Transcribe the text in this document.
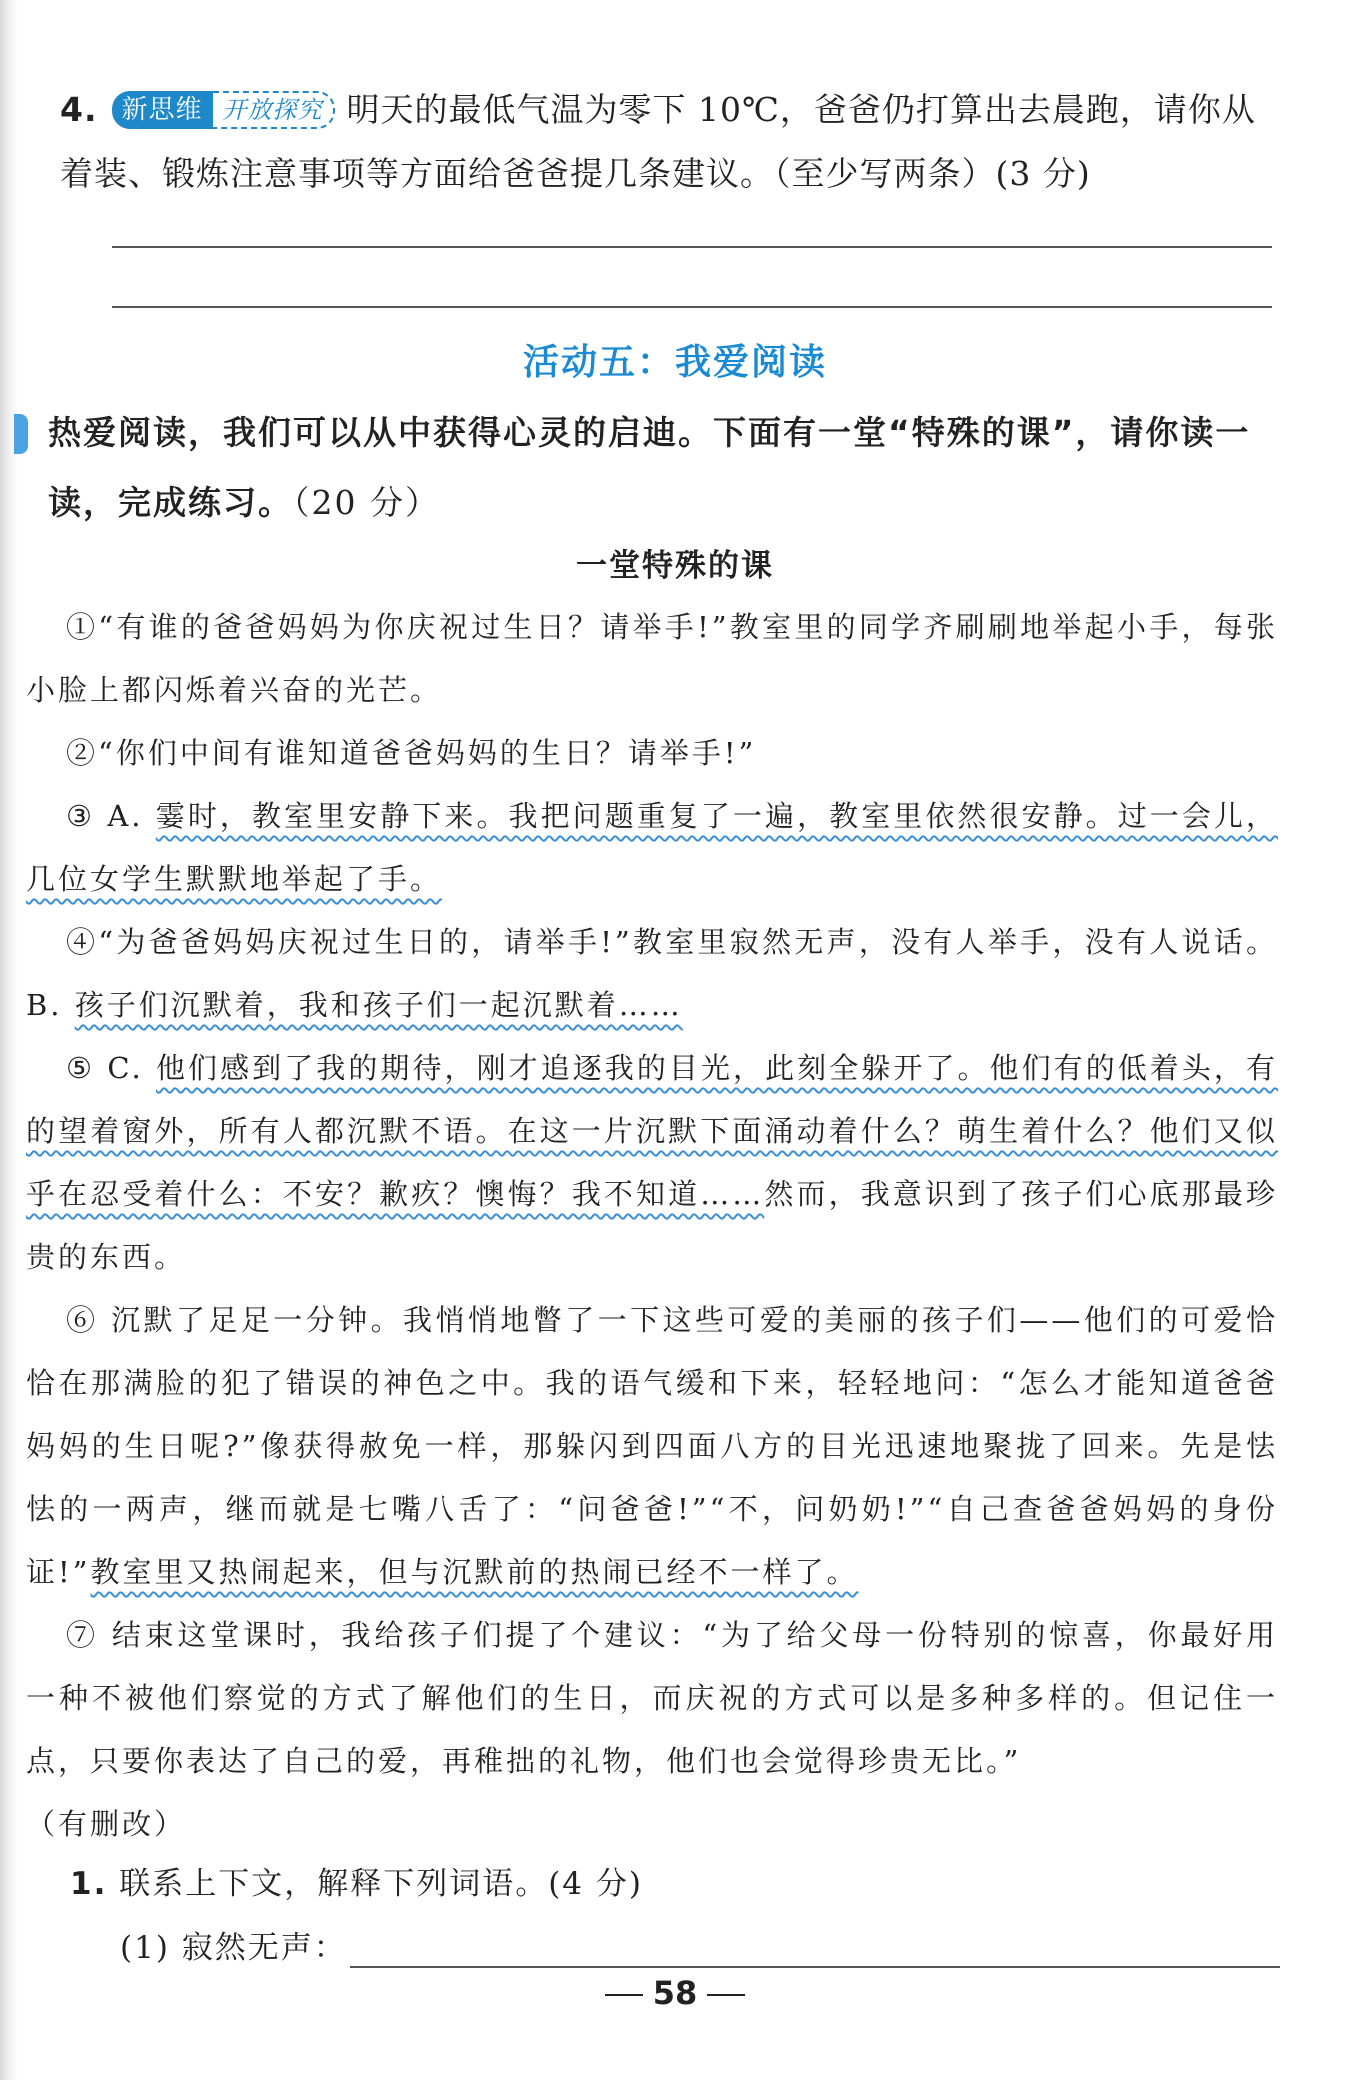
4. 新思维 开放探究 明天的最低气温为零下 10℃，爸爸仍打算出去晨跑，请你从着装、锻炼注意事项等方面给爸爸提几条建议。（至少写两条）(3 分)
活动五：我爱阅读
热爱阅读，我们可以从中获得心灵的启迪。下面有一堂“特殊的课”，请你读一读，完成练习。（20 分）
一堂特殊的课

①“有谁的爸爸妈妈为你庆祝过生日？请举手!”教室里的同学齐刷刷地举起小手，每张小脸上都闪烁着兴奋的光芒。

②“你们中间有谁知道爸爸妈妈的生日？请举手!”

③ A. 霎时，教室里安静下来。我把问题重复了一遍，教室里依然很安静。过一会儿，几位女学生默默地举起了手。

④“为爸爸妈妈庆祝过生日的，请举手!”教室里寂然无声，没有人举手，没有人说话。B. 孩子们沉默着，我和孩子们一起沉默着……

⑤ C. 他们感到了我的期待，刚才追逐我的目光，此刻全躲开了。他们有的低着头，有的望着窗外，所有人都沉默不语。在这一片沉默下面涌动着什么？萌生着什么？他们又似乎在忍受着什么：不安？歉疚？懊悔？我不知道……然而，我意识到了孩子们心底那最珍贵的东西。

⑥ 沉默了足足一分钟。我悄悄地瞥了一下这些可爱的美丽的孩子们——他们的可爱恰恰在那满脸的犯了错误的神色之中。我的语气缓和下来，轻轻地问：“怎么才能知道爸爸妈妈的生日呢?”像获得赦免一样，那躲闪到四面八方的目光迅速地聚拢了回来。先是怯怯的一两声，继而就是七嘴八舌了：“问爸爸!”“不，问奶奶!”“自己查爸爸妈妈的身份证!”教室里又热闹起来，但与沉默前的热闹已经不一样了。

⑦ 结束这堂课时，我给孩子们提了个建议：“为了给父母一份特别的惊喜，你最好用一种不被他们察觉的方式了解他们的生日，而庆祝的方式可以是多种多样的。但记住一点，只要你表达了自己的爱，再稚拙的礼物，他们也会觉得珍贵无比。”

（有删改）

1. 联系上下文，解释下列词语。(4 分)
(1) 寂然无声：
58
